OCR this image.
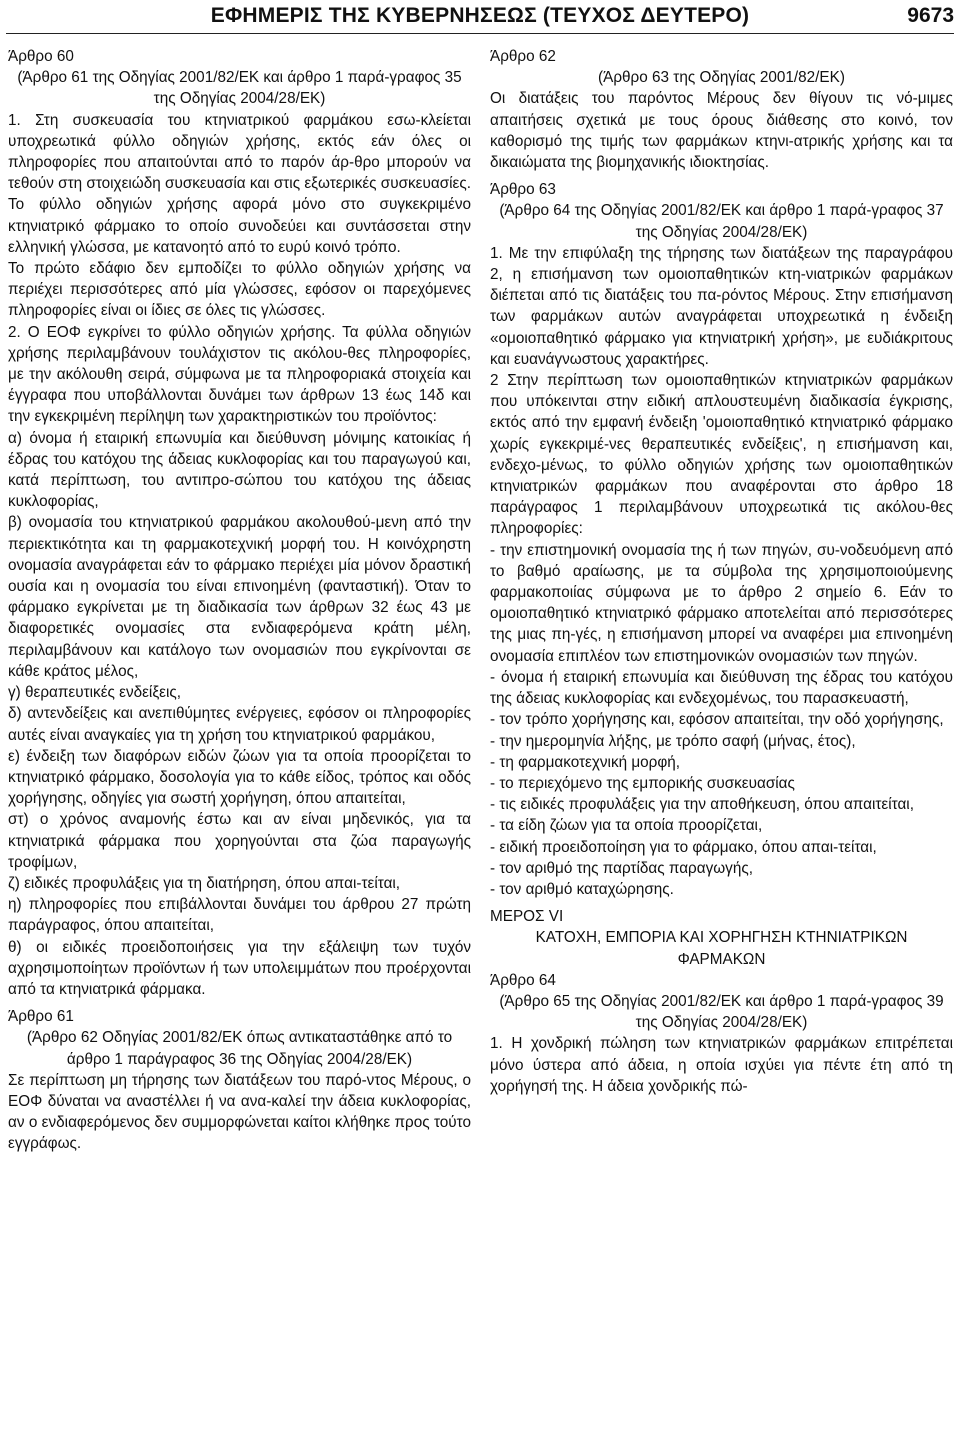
ΕΦΗΜΕΡΙΣ ΤΗΣ ΚΥΒΕΡΝΗΣΕΩΣ (ΤΕΥΧΟΣ ΔΕΥΤΕΡΟ)	9673

Άρθρο 60

(Άρθρο 61 της Οδηγίας 2001/82/ΕΚ και άρθρο 1 παρά-γραφος 35 της Οδηγίας 2004/28/ΕΚ)

1. Στη συσκευασία του κτηνιατρικού φαρμάκου εσω-κλείεται υποχρεωτικά φύλλο οδηγιών χρήσης, εκτός εάν όλες οι πληροφορίες που απαιτούνται από το παρόν άρ-θρο μπορούν να τεθούν στη στοιχειώδη συσκευασία και στις εξωτερικές συσκευασίες. Το φύλλο οδηγιών χρήσης αφορά μόνο στο συγκεκριμένο κτηνιατρικό φάρμακο το οποίο συνοδεύει και συντάσσεται στην ελληνική γλώσσα, με κατανοητό από το ευρύ κοινό τρόπο.

Το πρώτο εδάφιο δεν εμποδίζει το φύλλο οδηγιών χρήσης να περιέχει περισσότερες από μία γλώσσες, εφόσον οι παρεχόμενες πληροφορίες είναι οι ίδιες σε όλες τις γλώσσες.

2. Ο ΕΟΦ εγκρίνει το φύλλο οδηγιών χρήσης. Τα φύλλα οδηγιών χρήσης περιλαμβάνουν τουλάχιστον τις ακόλου-θες πληροφορίες, με την ακόλουθη σειρά, σύμφωνα με τα πληροφοριακά στοιχεία και έγγραφα που υποβάλλονται δυνάμει των άρθρων 13 έως 14δ και την εγκεκριμένη περίληψη των χαρακτηριστικών του προϊόντος:

α) όνομα ή εταιρική επωνυμία και διεύθυνση μόνιμης κατοικίας ή έδρας του κατόχου της άδειας κυκλοφορίας και του παραγωγού και, κατά περίπτωση, του αντιπρο-σώπου του κατόχου της άδειας κυκλοφορίας,

β) ονομασία του κτηνιατρικού φαρμάκου ακολουθού-μενη από την περιεκτικότητα και τη φαρμακοτεχνική μορφή του. Η κοινόχρηστη ονομασία αναγράφεται εάν το φάρμακο περιέχει μία μόνον δραστική ουσία και η ονομασία του είναι επινοημένη (φανταστική). Όταν το φάρμακο εγκρίνεται με τη διαδικασία των άρθρων 32 έως 43 με διαφορετικές ονομασίες στα ενδιαφερόμενα κράτη μέλη, περιλαμβάνουν και κατάλογο των ονομασιών που εγκρίνονται σε κάθε κράτος μέλος,

γ) θεραπευτικές ενδείξεις,

δ) αντενδείξεις και ανεπιθύμητες ενέργειες, εφόσον οι πληροφορίες αυτές είναι αναγκαίες για τη χρήση του κτηνιατρικού φαρμάκου,

ε) ένδειξη των διαφόρων ειδών ζώων για τα οποία προορίζεται το κτηνιατρικό φάρμακο, δοσολογία για το κάθε είδος, τρόπος και οδός χορήγησης, οδηγίες για σωστή χορήγηση, όπου απαιτείται,

στ) ο χρόνος αναμονής έστω και αν είναι μηδενικός, για τα κτηνιατρικά φάρμακα που χορηγούνται στα ζώα παραγωγής τροφίμων,

ζ) ειδικές προφυλάξεις για τη διατήρηση, όπου απαι-τείται,

η) πληροφορίες που επιβάλλονται δυνάμει του άρθρου 27 πρώτη παράγραφος, όπου απαιτείται,

θ) οι ειδικές προειδοποιήσεις για την εξάλειψη των τυχόν αχρησιμοποίητων προϊόντων ή των υπολειμμάτων που προέρχονται από τα κτηνιατρικά φάρμακα.

Άρθρο 61

(Άρθρο 62 Οδηγίας 2001/82/ΕΚ όπως αντικαταστάθηκε από το άρθρο 1 παράγραφος 36 της Οδηγίας 2004/28/ΕΚ)

Σε περίπτωση μη τήρησης των διατάξεων του παρό-ντος Μέρους, ο ΕΟΦ δύναται να αναστέλλει ή να ανα-καλεί την άδεια κυκλοφορίας, αν ο ενδιαφερόμενος δεν συμμορφώνεται καίτοι κλήθηκε προς τούτο εγγράφως.

Άρθρο 62

(Άρθρο 63 της Οδηγίας 2001/82/ΕΚ)

Οι διατάξεις του παρόντος Μέρους δεν θίγουν τις νό-μιμες απαιτήσεις σχετικά με τους όρους διάθεσης στο κοινό, τον καθορισμό της τιμής των φαρμάκων κτηνι-ατρικής χρήσης και τα δικαιώματα της βιομηχανικής ιδιοκτησίας.

Άρθρο 63

(Άρθρο 64 της Οδηγίας 2001/82/ΕΚ και άρθρο 1 παρά-γραφος 37 της Οδηγίας 2004/28/ΕΚ)

1. Με την επιφύλαξη της τήρησης των διατάξεων της παραγράφου 2, η επισήμανση των ομοιοπαθητικών κτη-νιατρικών φαρμάκων διέπεται από τις διατάξεις του πα-ρόντος Μέρους. Στην επισήμανση των φαρμάκων αυτών αναγράφεται υποχρεωτικά η ένδειξη «ομοιοπαθητικό φάρμακο για κτηνιατρική χρήση», με ευδιάκριτους και ευανάγνωστους χαρακτήρες.

2 Στην περίπτωση των ομοιοπαθητικών κτηνιατρικών φαρμάκων που υπόκεινται στην ειδική απλουστευμένη διαδικασία έγκρισης, εκτός από την εμφανή ένδειξη 'ομοιοπαθητικό κτηνιατρικό φάρμακο χωρίς εγκεκριμέ-νες θεραπευτικές ενδείξεις', η επισήμανση και, ενδεχο-μένως, το φύλλο οδηγιών χρήσης των ομοιοπαθητικών κτηνιατρικών φαρμάκων που αναφέρονται στο άρθρο 18 παράγραφος 1 περιλαμβάνουν υποχρεωτικά τις ακόλου-θες πληροφορίες:

- την επιστημονική ονομασία της ή των πηγών, συ-νοδευόμενη από το βαθμό αραίωσης, με τα σύμβολα της χρησιμοποιούμενης φαρμακοποιίας σύμφωνα με το άρθρο 2 σημείο 6. Εάν το ομοιοπαθητικό κτηνιατρικό φάρμακο αποτελείται από περισσότερες της μιας πη-γές, η επισήμανση μπορεί να αναφέρει μια επινοημένη ονομασία επιπλέον των επιστημονικών ονομασιών των πηγών.

- όνομα ή εταιρική επωνυμία και διεύθυνση της έδρας του κατόχου της άδειας κυκλοφορίας και ενδεχομένως, του παρασκευαστή,

- τον τρόπο χορήγησης και, εφόσον απαιτείται, την οδό χορήγησης,

- την ημερομηνία λήξης, με τρόπο σαφή (μήνας, έτος),

- τη φαρμακοτεχνική μορφή,

- το περιεχόμενο της εμπορικής συσκευασίας

- τις ειδικές προφυλάξεις για την αποθήκευση, όπου απαιτείται,

- τα είδη ζώων για τα οποία προορίζεται,

- ειδική προειδοποίηση για το φάρμακο, όπου απαι-τείται,

- τον αριθμό της παρτίδας παραγωγής,

- τον αριθμό καταχώρησης.

ΜΕΡΟΣ VI

ΚΑΤΟΧΗ, ΕΜΠΟΡΙΑ ΚΑΙ ΧΟΡΗΓΗΣΗ ΚΤΗΝΙΑΤΡΙΚΩΝ ΦΑΡΜΑΚΩΝ

Άρθρο 64

(Άρθρο 65 της Οδηγίας 2001/82/ΕΚ και άρθρο 1 παρά-γραφος 39 της Οδηγίας 2004/28/ΕΚ)

1. Η χονδρική πώληση των κτηνιατρικών φαρμάκων επιτρέπεται μόνο ύστερα από άδεια, η οποία ισχύει για πέντε έτη από τη χορήγησή της. Η άδεια χονδρικής πώ-
